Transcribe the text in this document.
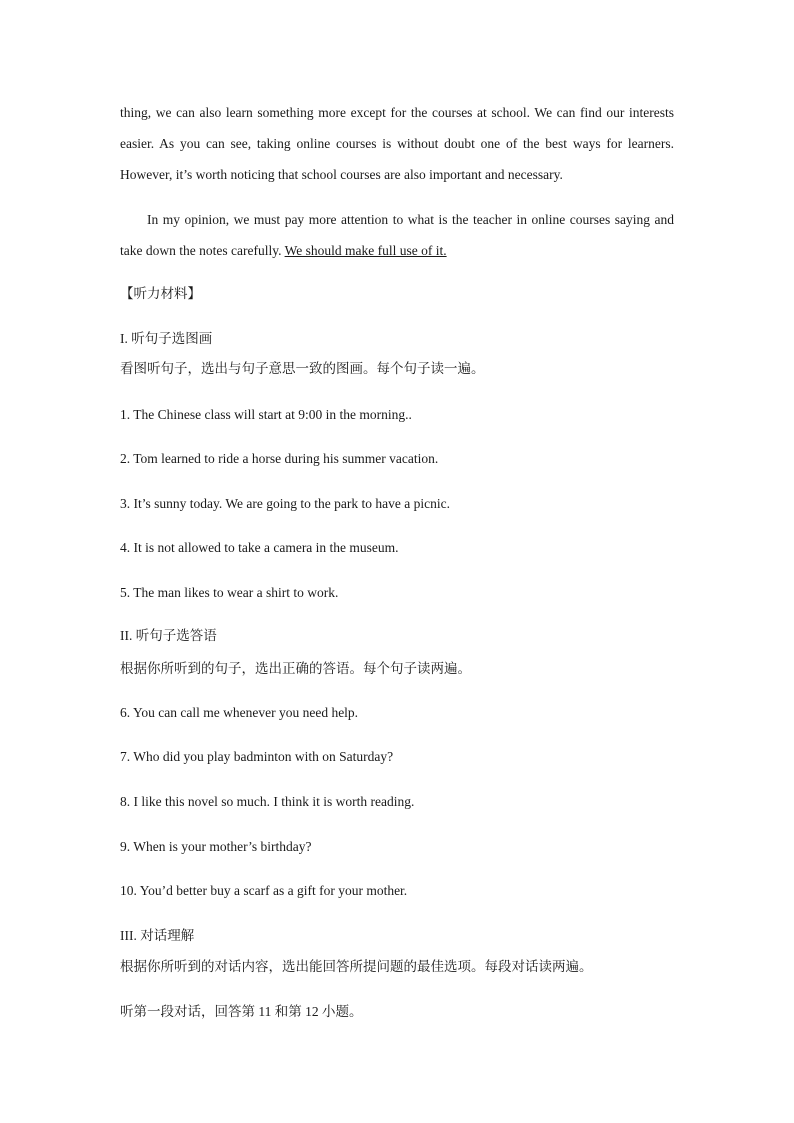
thing, we can also learn something more except for the courses at school. We can find our interests easier. As you can see, taking online courses is without doubt one of the best ways for learners. However, it’s worth noticing that school courses are also important and necessary.
In my opinion, we must pay more attention to what is the teacher in online courses saying and take down the notes carefully. We should make full use of it.
【听力材料】
I. 听句子选图画
看图听句子，选出与句子意思一致的图画。每个句子读一遍。
1. The Chinese class will start at 9:00 in the morning..
2. Tom learned to ride a horse during his summer vacation.
3. It’s sunny today. We are going to the park to have a picnic.
4. It is not allowed to take a camera in the museum.
5. The man likes to wear a shirt to work.
II. 听句子选答语
根据你所听到的句子，选出正确的答语。每个句子读两遍。
6. You can call me whenever you need help.
7. Who did you play badminton with on Saturday?
8. I like this novel so much. I think it is worth reading.
9. When is your mother’s birthday?
10. You’d better buy a scarf as a gift for your mother.
III. 对话理解
根据你所听到的对话内容，选出能回答所提问题的最佳选项。每段对话读两遍。
听第一段对话，回答第 11 和第 12 小题。
